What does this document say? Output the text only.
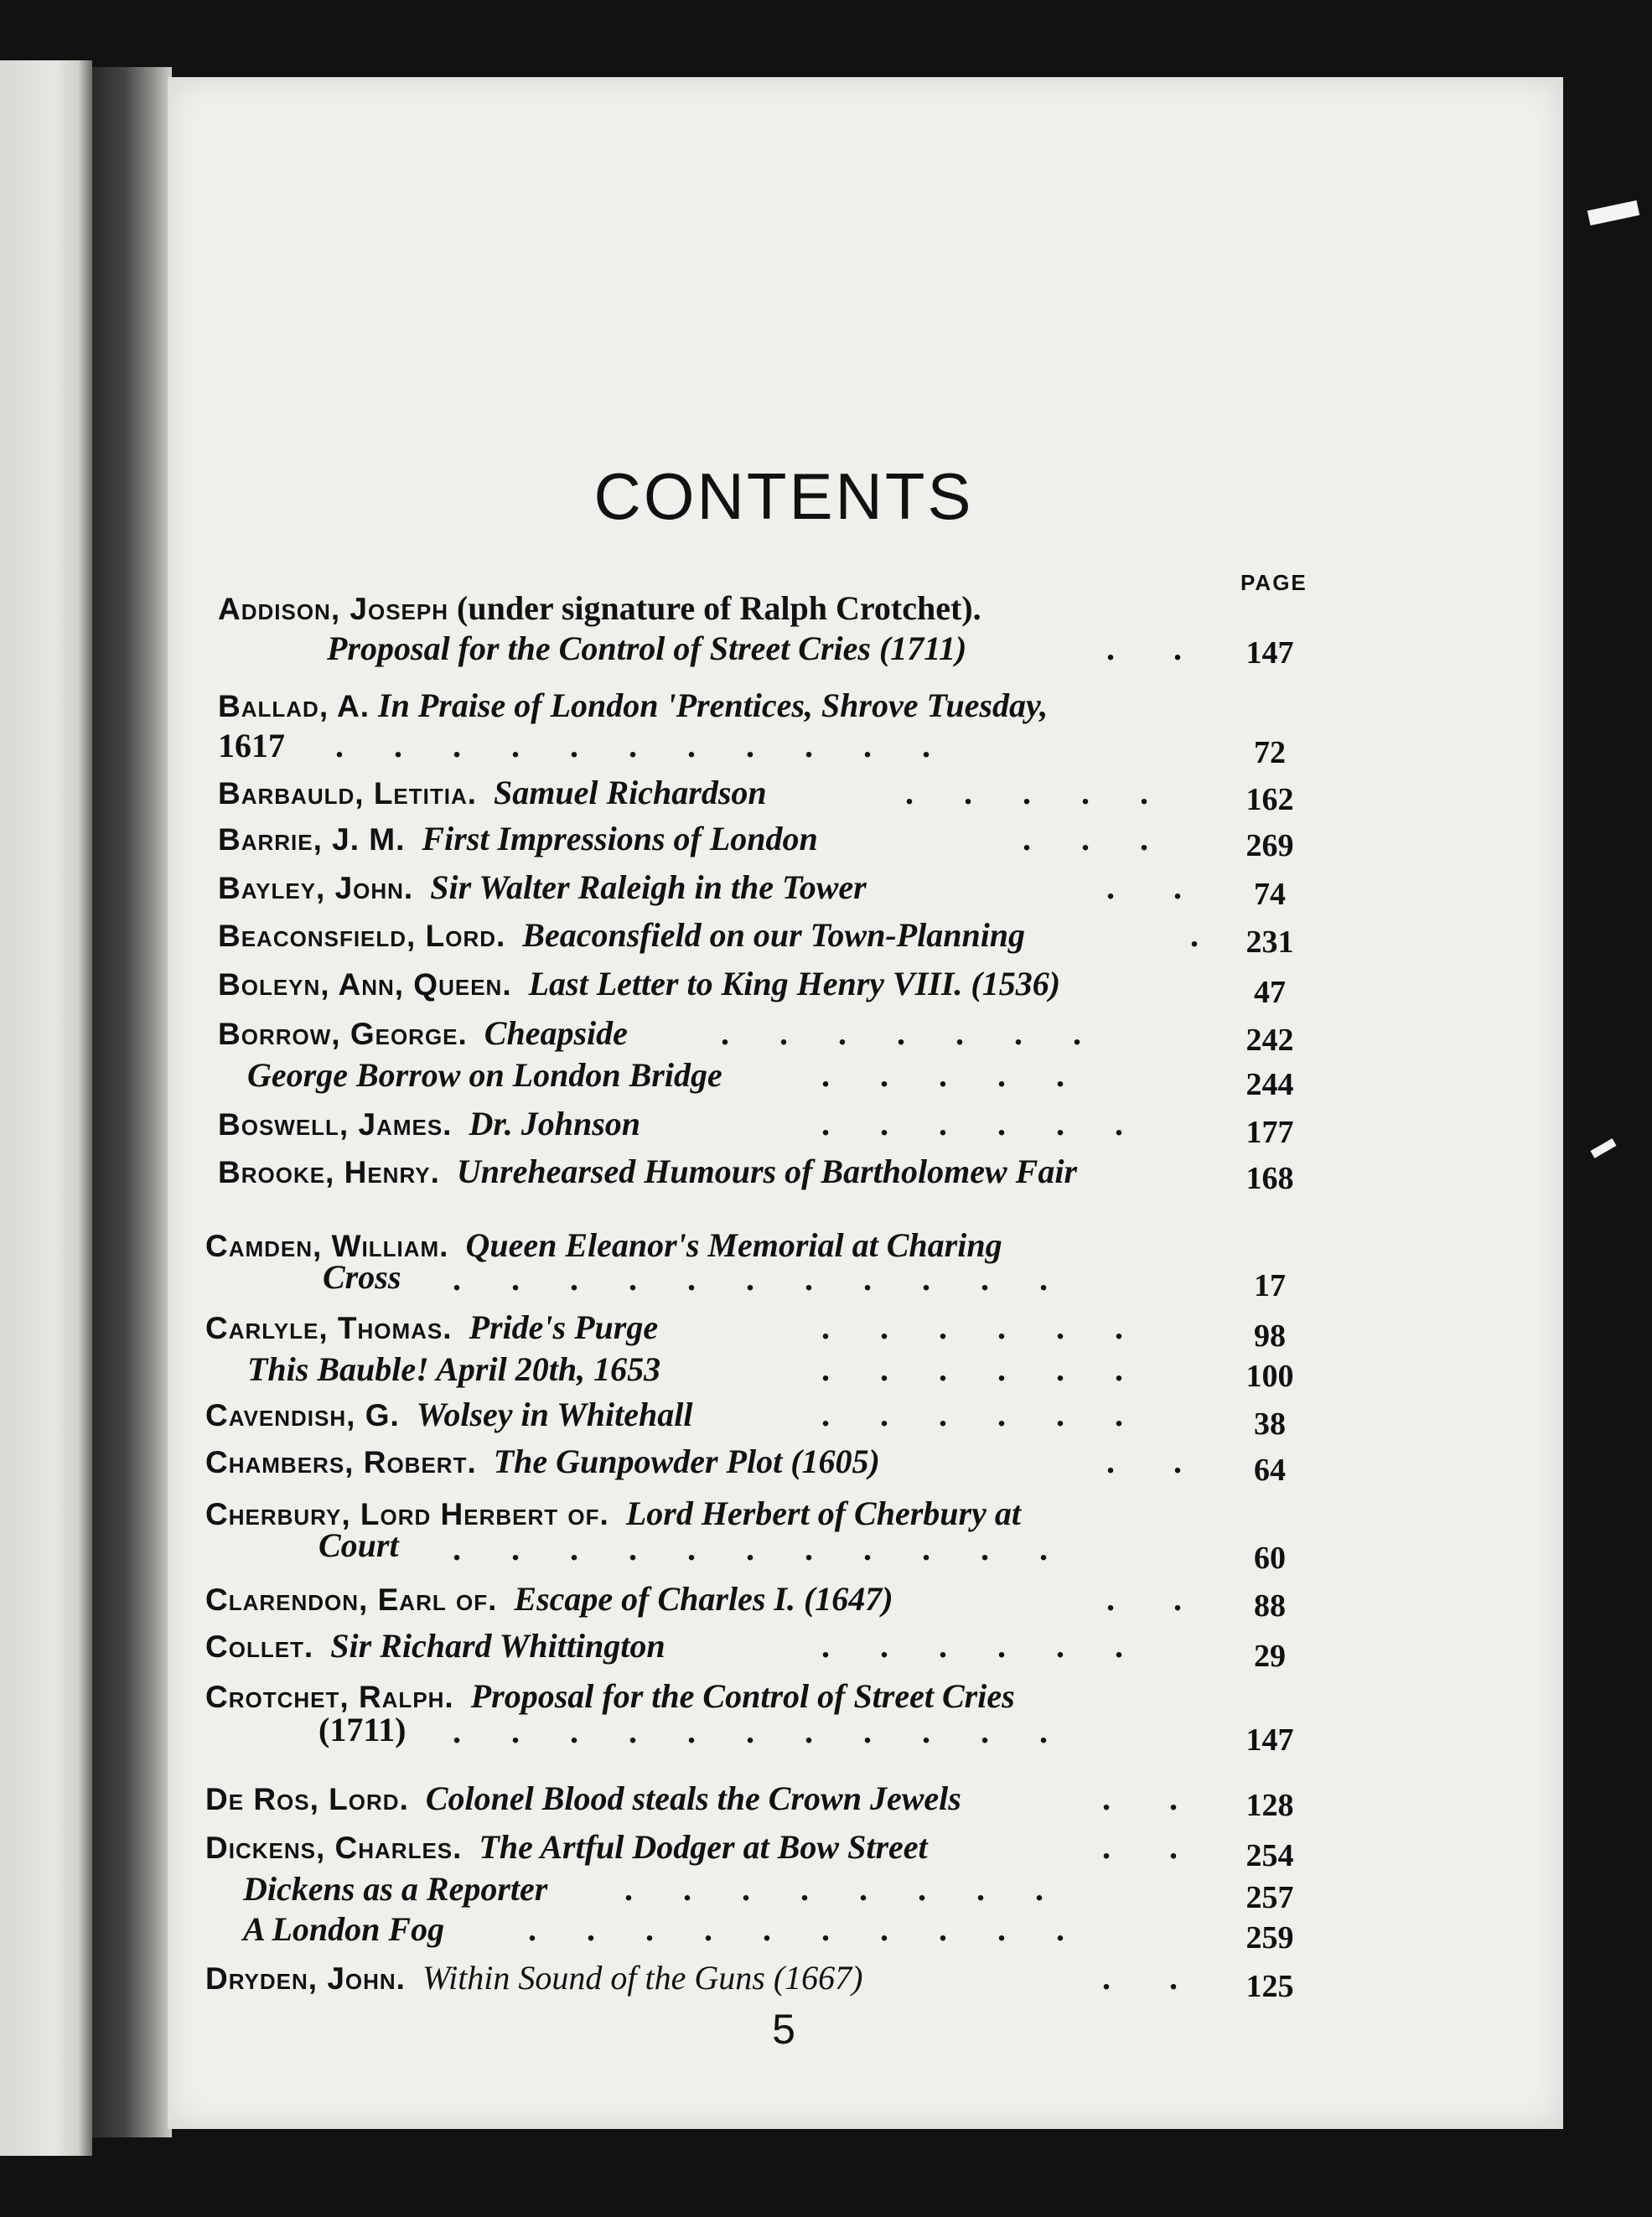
CONTENTS
PAGE
Addison, Joseph (under signature of Ralph Crotchet).
Proposal for the Control of Street Cries (1711)	.       .	147
Ballad, A. In Praise of London 'Prentices, Shrove Tuesday,
1617 .      .      .      .      .      .      .      .      .      .      .	72
Barbauld, Letitia. Samuel Richardson	.      .      .      .      .	162
Barrie, J. M. First Impressions of London	.      .      .	269
Bayley, John. Sir Walter Raleigh in the Tower	.       .	74
Beaconsfield, Lord. Beaconsfield on our Town-Planning	.	231
Boleyn, Ann, Queen. Last Letter to King Henry VIII. (1536)	47
Borrow, George. Cheapside	.      .      .      .      .      .      .	242
George Borrow on London Bridge	.      .      .      .      .	244
Boswell, James. Dr. Johnson	.      .      .      .      .      .	177
Brooke, Henry. Unrehearsed Humours of Bartholomew Fair	168
Camden, William. Queen Eleanor's Memorial at Charing
Cross .      .      .      .      .      .      .      .      .      .      .	17
Carlyle, Thomas. Pride's Purge	.      .      .      .      .      .	98
This Bauble! April 20th, 1653	.      .      .      .      .      .	100
Cavendish, G. Wolsey in Whitehall	.      .      .      .      .      .	38
Chambers, Robert. The Gunpowder Plot (1605)	.       .	64
Cherbury, Lord Herbert of. Lord Herbert of Cherbury at
Court .      .      .      .      .      .      .      .      .      .      .	60
Clarendon, Earl of. Escape of Charles I. (1647)	.       .	88
Collet. Sir Richard Whittington	.      .      .      .      .      .	29
Crotchet, Ralph. Proposal for the Control of Street Cries
(1711) .      .      .      .      .      .      .      .      .      .      .	147
De Ros, Lord. Colonel Blood steals the Crown Jewels	.       .	128
Dickens, Charles. The Artful Dodger at Bow Street	.       .	254
Dickens as a Reporter .      .      .      .      .      .      .      .	257
A London Fog .      .      .      .      .      .      .      .      .      .	259
Dryden, John. Within Sound of the Guns (1667)	.       .	125
5
